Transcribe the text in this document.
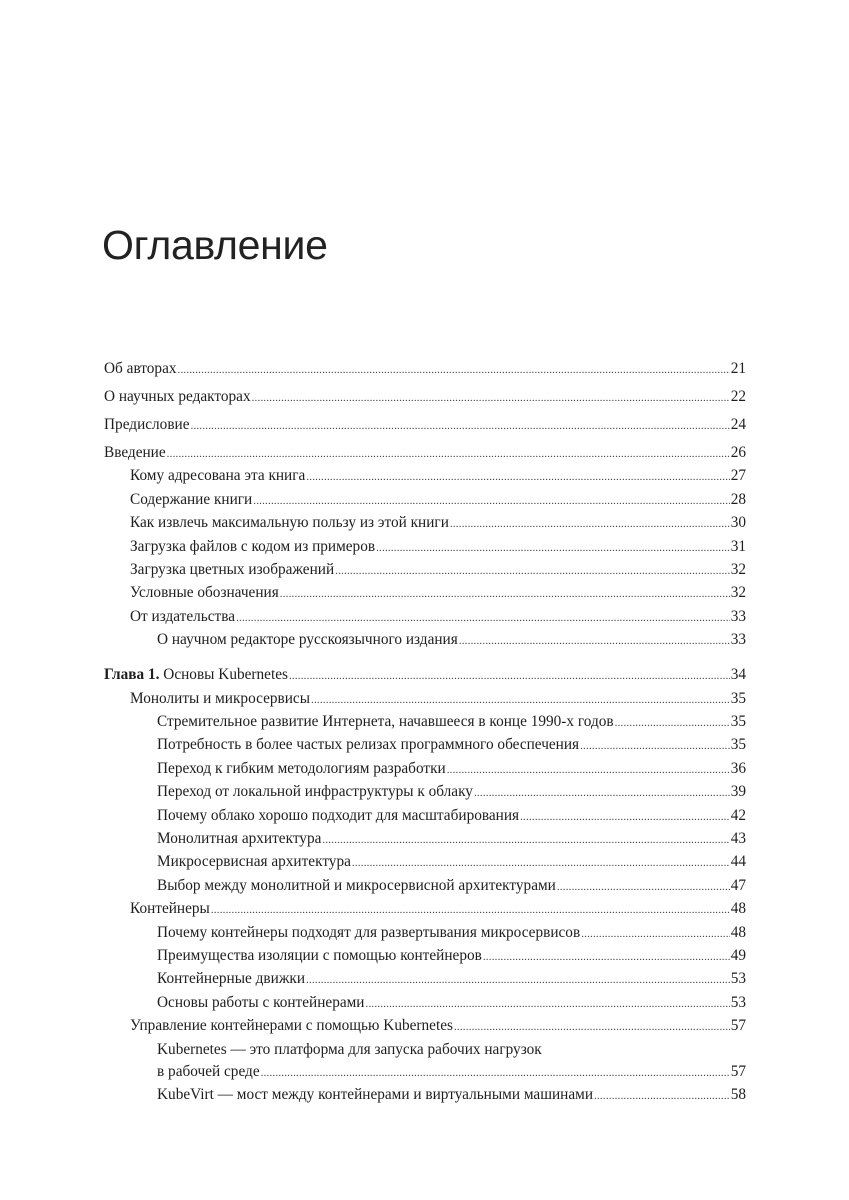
Оглавление
Об авторах .....	21
О научных редакторах .....	22
Предисловие .....	24
Введение .....	26
Кому адресована эта книга .....	27
Содержание книги .....	28
Как извлечь максимальную пользу из этой книги .....	30
Загрузка файлов с кодом из примеров .....	31
Загрузка цветных изображений .....	32
Условные обозначения .....	32
От издательства .....	33
О научном редакторе русскоязычного издания .....	33
Глава 1. Основы Kubernetes .....	34
Монолиты и микросервисы .....	35
Стремительное развитие Интернета, начавшееся в конце 1990-х годов .....	35
Потребность в более частых релизах программного обеспечения .....	35
Переход к гибким методологиям разработки .....	36
Переход от локальной инфраструктуры к облаку .....	39
Почему облако хорошо подходит для масштабирования .....	42
Монолитная архитектура .....	43
Микросервисная архитектура .....	44
Выбор между монолитной и микросервисной архитектурами .....	47
Контейнеры .....	48
Почему контейнеры подходят для развертывания микросервисов .....	48
Преимущества изоляции с помощью контейнеров .....	49
Контейнерные движки .....	53
Основы работы с контейнерами .....	53
Управление контейнерами с помощью Kubernetes .....	57
Kubernetes — это платформа для запуска рабочих нагрузок
в рабочей среде .....	57
KubeVirt — мост между контейнерами и виртуальными машинами .....	58
